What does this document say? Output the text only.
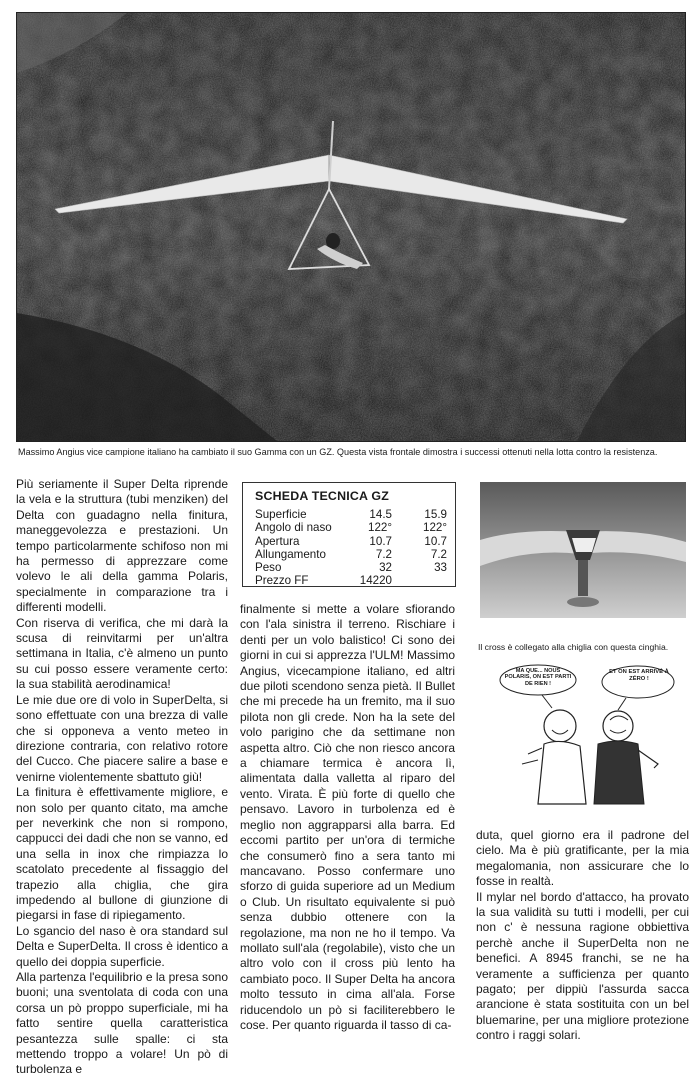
Massimo Angius vice campione italiano ha cambiato il suo Gamma con un GZ. Questa vista frontale dimostra i successi ottenuti nella lotta contro la resistenza.

Più seriamente il Super Delta riprende la vela e la struttura (tubi menziken) del Delta con guadagno nella finitura, maneggevolezza e prestazioni. Un tempo particolarmente schifoso non mi ha permesso di apprezzare come volevo le ali della gamma Polaris, specialmente in comparazione tra i differenti modelli.

Con riserva di verifica, che mi darà la scusa di reinvitarmi per un'altra settimana in Italia, c'è almeno un punto su cui posso essere veramente certo: la sua stabilità aerodinamica!

Le mie due ore di volo in SuperDelta, si sono effettuate con una brezza di valle che si opponeva a vento meteo in direzione contraria, con relativo rotore del Cucco. Che piacere salire a base e venirne violentemente sbattuto giù!

La finitura è effettivamente migliore, e non solo per quanto citato, ma amche per neverkink che non si rompono, cappucci dei dadi che non se vanno, ed una sella in inox che rimpiazza lo scatolato precedente al fissaggio del trapezio alla chiglia, che gira impedendo al bullone di giunzione di piegarsi in fase di ripiegamento.

Lo sgancio del naso è ora standard sul Delta e SuperDelta. Il cross è identico a quello dei doppia superficie.

Alla partenza l'equilibrio e la presa sono buoni; una sventolata di coda con una corsa un pò proppo superficiale, mi ha fatto sentire quella caratteristica pesantezza sulle spalle: ci sta mettendo troppo a volare! Un pò di turbolenza e

SCHEDA TECNICA GZ
Superficie	14.5	15.9
Angolo di naso	122°	122°
Apertura	10.7	10.7
Allungamento	7.2	7.2
Peso	32	33
Prezzo FF	14220

finalmente si mette a volare sfiorando con l'ala sinistra il terreno. Rischiare i denti per un volo balistico! Ci sono dei giorni in cui si apprezza l'ULM! Massimo Angius, vicecampione italiano, ed altri due piloti scendono senza pietà. Il Bullet che mi precede ha un fremito, ma il suo pilota non gli crede. Non ha la sete del volo parigino che da settimane non aspetta altro. Ciò che non riesco ancora a chiamare termica è ancora lì, alimentata dalla valletta al riparo del vento. Virata. È più forte di quello che pensavo. Lavoro in turbolenza ed è meglio non aggrapparsi alla barra. Ed eccomi partito per un'ora di termiche che consumerò fino a sera tanto mi mancavano. Posso confermare uno sforzo di guida superiore ad un Medium o Club. Un risultato equivalente si può senza dubbio ottenere con la regolazione, ma non ne ho il tempo. Va mollato sull'ala (regolabile), visto che un altro volo con il cross più lento ha cambiato poco. Il Super Delta ha ancora molto tessuto in cima all'ala. Forse riducendolo un pò si faciliterebbero le cose. Per quanto riguarda il tasso di ca-

Il cross è collegato alla chiglia con questa cinghia.
MA QUE... NOUS POLARIS, ON EST PARTI DE RIEN !
ET ON EST ARRIVÉ À ZÉRO !

duta, quel giorno era il padrone del cielo. Ma è più gratificante, per la mia megalomania, non assicurare che lo fosse in realtà.

Il mylar nel bordo d'attacco, ha provato la sua validità su tutti i modelli, per cui non c' è nessuna ragione obbiettiva perchè anche il SuperDelta non ne benefici. A 8945 franchi, se ne ha veramente a sufficienza per quanto pagato; per dippiù l'assurda sacca arancione è stata sostituita con un bel bluemarine, per una migliore protezione contro i raggi solari.
